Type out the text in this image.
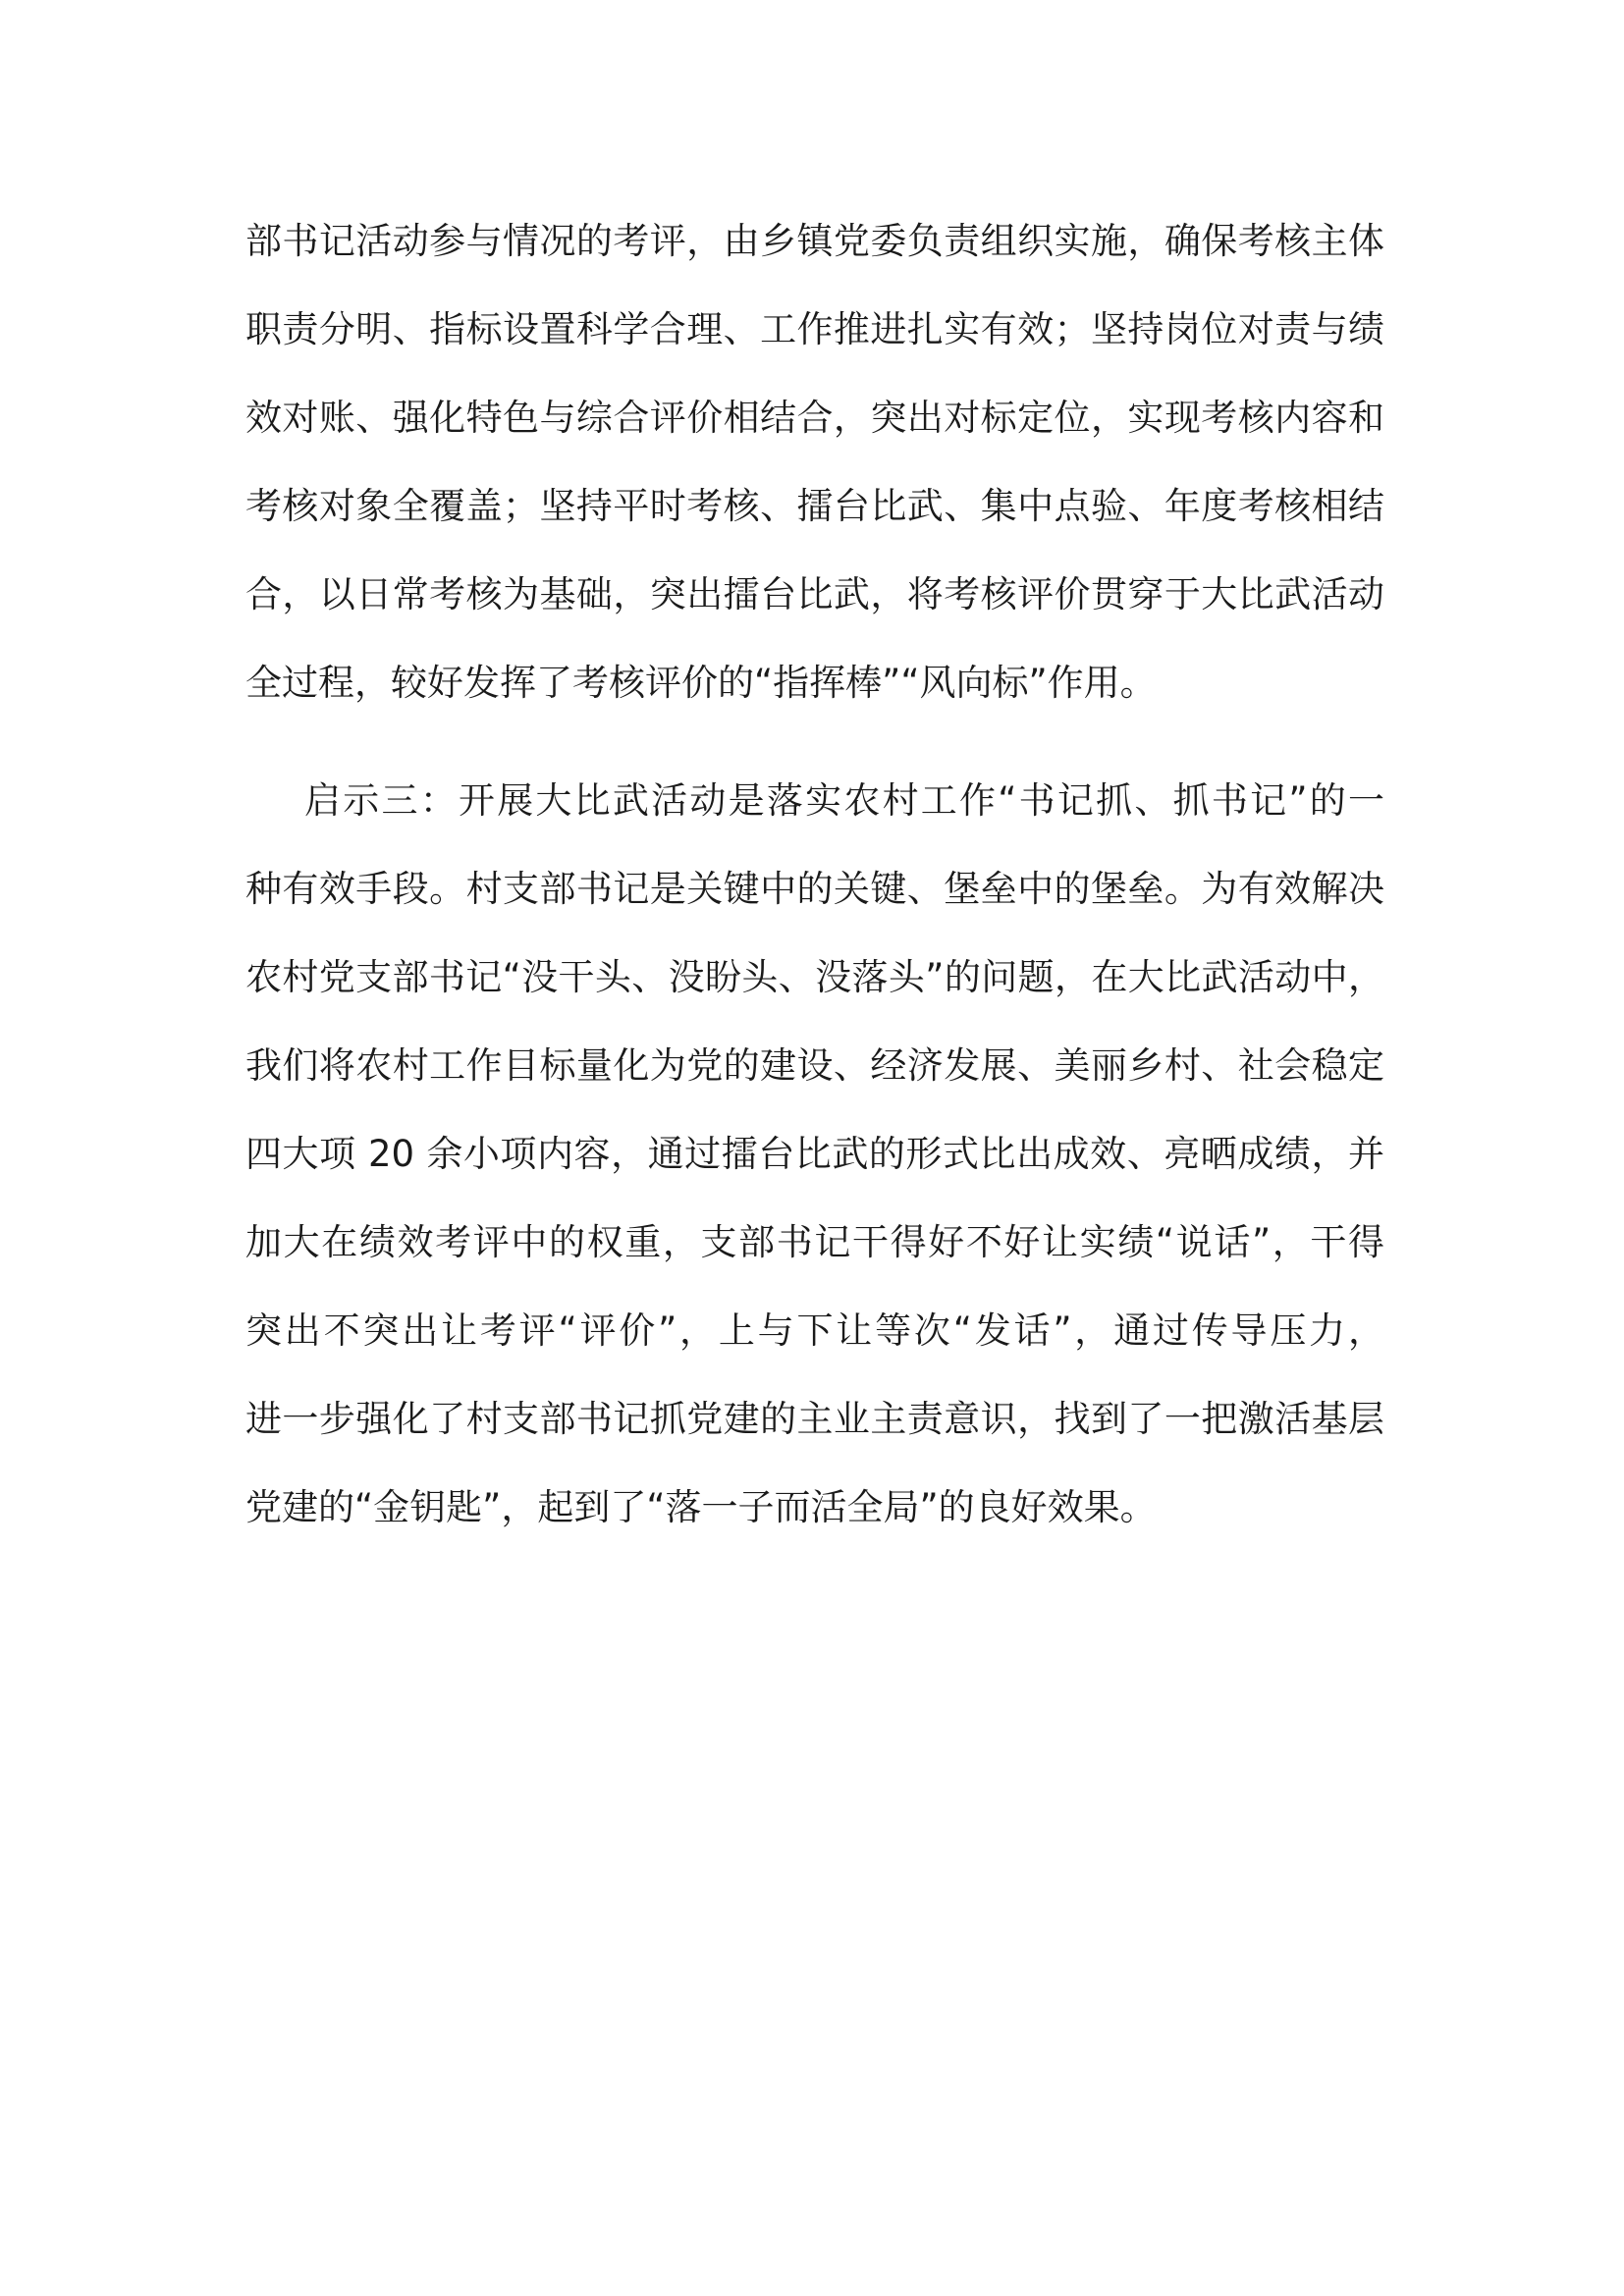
部书记活动参与情况的考评，由乡镇党委负责组织实施，确保考核主体
职责分明、指标设置科学合理、工作推进扎实有效；坚持岗位对责与绩
效对账、强化特色与综合评价相结合，突出对标定位，实现考核内容和
考核对象全覆盖；坚持平时考核、擂台比武、集中点验、年度考核相结
合，以日常考核为基础，突出擂台比武，将考核评价贯穿于大比武活动
全过程，较好发挥了考核评价的“指挥棒”“风向标”作用。
启示三：开展大比武活动是落实农村工作“书记抓、抓书记”的一
种有效手段。村支部书记是关键中的关键、堡垒中的堡垒。为有效解决
农村党支部书记“没干头、没盼头、没落头”的问题，在大比武活动中，
我们将农村工作目标量化为党的建设、经济发展、美丽乡村、社会稳定
四大项 20 余小项内容，通过擂台比武的形式比出成效、亮晒成绩，并
加大在绩效考评中的权重，支部书记干得好不好让实绩“说话”，干得
突出不突出让考评“评价”，上与下让等次“发话”，通过传导压力，
进一步强化了村支部书记抓党建的主业主责意识，找到了一把激活基层
党建的“金钥匙”，起到了“落一子而活全局”的良好效果。
